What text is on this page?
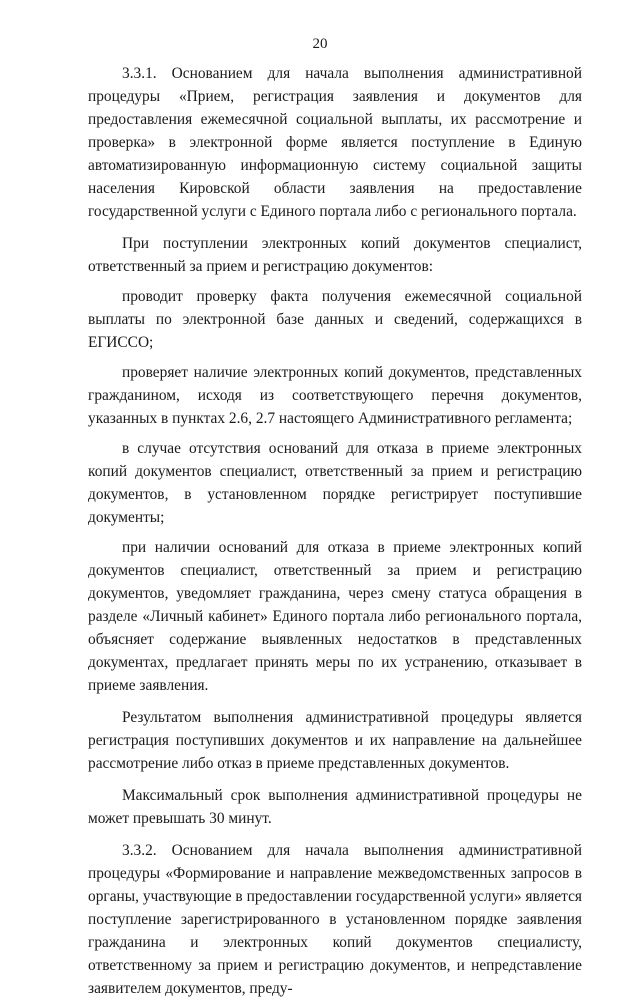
20

3.3.1. Основанием для начала выполнения административной процедуры «Прием, регистрация заявления и документов для предоставления ежемесячной социальной выплаты, их рассмотрение и проверка» в электронной форме является поступление в Единую автоматизированную информационную систему социальной защиты населения Кировской области заявления на предоставление государственной услуги с Единого портала либо с регионального портала.

При поступлении электронных копий документов специалист, ответственный за прием и регистрацию документов:

проводит проверку факта получения ежемесячной социальной выплаты по электронной базе данных и сведений, содержащихся в ЕГИССО;

проверяет наличие электронных копий документов, представленных гражданином, исходя из соответствующего перечня документов, указанных в пунктах 2.6, 2.7 настоящего Административного регламента;

в случае отсутствия оснований для отказа в приеме электронных копий документов специалист, ответственный за прием и регистрацию документов, в установленном порядке регистрирует поступившие документы;

при наличии оснований для отказа в приеме электронных копий документов специалист, ответственный за прием и регистрацию документов, уведомляет гражданина, через смену статуса обращения в разделе «Личный кабинет» Единого портала либо регионального портала, объясняет содержание выявленных недостатков в представленных документах, предлагает принять меры по их устранению, отказывает в приеме заявления.

Результатом выполнения административной процедуры является регистрация поступивших документов и их направление на дальнейшее рассмотрение либо отказ в приеме представленных документов.

Максимальный срок выполнения административной процедуры не может превышать 30 минут.

3.3.2. Основанием для начала выполнения административной процедуры «Формирование и направление межведомственных запросов в органы, участвующие в предоставлении государственной услуги» является поступление зарегистрированного в установленном порядке заявления гражданина и электронных копий документов специалисту, ответственному за прием и регистрацию документов, и непредставление заявителем документов, преду-
